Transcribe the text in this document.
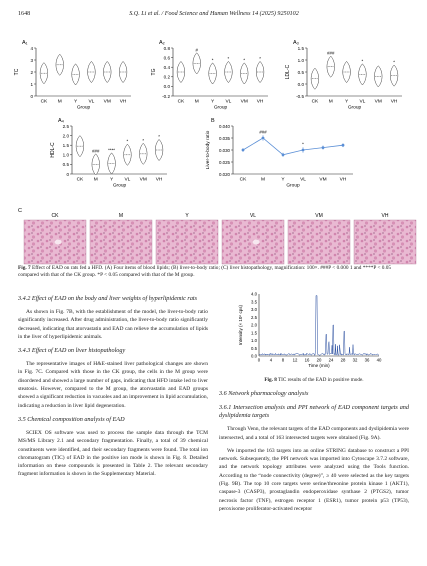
1648	S.Q. Li et al. / Food Science and Human Wellness 14 (2025) 9250102
A₁
0
1
2
3
4
TC
CK M	Y VL VM VH
Group
A₂
-0.2
0.0
0.2
0.4
0.6
0.8
TG
CK
#
M
*
Y
*
VL
*
VM
*
VH
Group
A₃
-0.5
0.0
0.5
1.0
1.5
LDL-C
CK
###
M	Y
*
VL VM
*
VH
Group
A₄
0
0.5
1.0
1.5
2.0
2.5
HDL-C
CK
###
M
****
Y
*
VL
*
VM
*
VH
Group
B
0.020
0.025
0.030
0.035
0.040
Liver-to-body ratio
CK
###
M	Y
*
VL	VM	VH
Group
C
CK	M	Y	VL	VM	VH
Fig. 7 Effect of EAD on rats fed a HFD. (A) Four items of blood lipids; (B) liver-to-body ratio; (C) liver histopathology, magnification: 100×. ###P < 0.000 1 and ****P < 0.05 compared with that of the CK group. *P < 0.05 compared with that of the M group.
3.4.2 Effect of EAD on the body and liver weights of hyperlipidemic rats
As shown in Fig. 7B, with the establishment of the model, the liver-to-body ratio significantly increased. After drug administration, the liver-to-body ratio significantly decreased, indicating that atorvastatin and EAD can relieve the accumulation of lipids in the liver of hyperlipidemic animals.
3.4.3 Effect of EAD on liver histopathology
The representative images of H&E-stained liver pathological changes are shown in Fig. 7C. Compared with those in the CK group, the cells in the M group were disordered and showed a large number of gaps, indicating that HFD intake led to liver steatosis. However, compared to the M group, the atorvastatin and EAD groups showed a significant reduction in vacuoles and an improvement in lipid accumulation, indicating a reduction in liver lipid degeneration.
3.5 Chemical composition analysis of EAD
SCIEX OS software was used to process the sample data through the TCM MS/MS Library 2.1 and secondary fragmentation. Finally, a total of 39 chemical constituents were identified, and their secondary fragments were found. The total ion chromatogram (TIC) of EAD in the positive ion mode is shown in Fig. 8. Detailed information on these compounds is presented in Table 2. The relevant secondary fragment information is shown in the Supplementary Material.
0.0
0.5
1.0
1.5
2.0
2.5
3.0
3.5
4.0
0 4 8 12 16 20 24 28 32 36 40
Intensity (× 10⁶ cps)
Time (min)
Fig. 8 TIC results of the EAD in positive mode.
3.6 Network pharmacology analysis
3.6.1 Intersection analysis and PPI network of EAD component targets and dyslipidemia targets
Through Venn, the relevant targets of the EAD components and dyslipidemia were intersected, and a total of 163 intersected targets were obtained (Fig. 9A).
We imported the 163 targets into an online STRING database to construct a PPI network. Subsequently, the PPI network was imported into Cytoscape 3.7.2 software, and the network topology attributes were analyzed using the Tools function. According to the “node connectivity (degree)”, ≥ 40 were selected as the key targets (Fig. 9B). The top 10 core targets were serine/threonine protein kinase 1 (AKT1), caspase-3 (CASP3), prostaglandin endoperoxidase synthase 2 (PTGS2), tumor necrosis factor (TNF), estrogen receptor 1 (ESR1), tumor protein p53 (TP53), peroxisome proliferator-activated receptor
